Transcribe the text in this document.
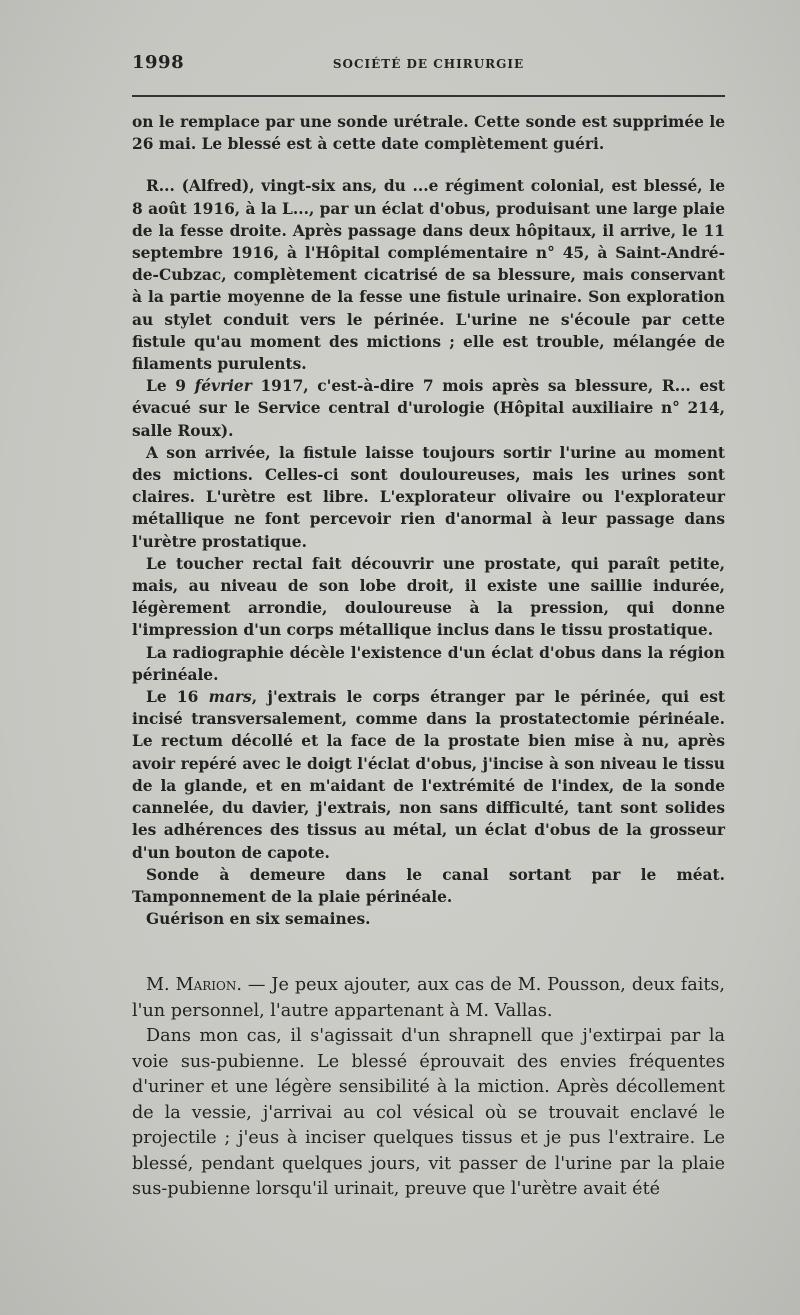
1998	SOCIÉTÉ DE CHIRURGIE

on le remplace par une sonde urétrale. Cette sonde est supprimée le 26 mai. Le blessé est à cette date complètement guéri.

R... (Alfred), vingt-six ans, du ...e régiment colonial, est blessé, le 8 août 1916, à la L..., par un éclat d'obus, produisant une large plaie de la fesse droite. Après passage dans deux hôpitaux, il arrive, le 11 septembre 1916, à l'Hôpital complémentaire n° 45, à Saint-André-de-Cubzac, complètement cicatrisé de sa blessure, mais conservant à la partie moyenne de la fesse une fistule urinaire. Son exploration au stylet conduit vers le périnée. L'urine ne s'écoule par cette fistule qu'au moment des mictions ; elle est trouble, mélangée de filaments purulents.

Le 9 février 1917, c'est-à-dire 7 mois après sa blessure, R... est évacué sur le Service central d'urologie (Hôpital auxiliaire n° 214, salle Roux).

A son arrivée, la fistule laisse toujours sortir l'urine au moment des mictions. Celles-ci sont douloureuses, mais les urines sont claires. L'urètre est libre. L'explorateur olivaire ou l'explorateur métallique ne font percevoir rien d'anormal à leur passage dans l'urètre prostatique.

Le toucher rectal fait découvrir une prostate, qui paraît petite, mais, au niveau de son lobe droit, il existe une saillie indurée, légèrement arrondie, douloureuse à la pression, qui donne l'impression d'un corps métallique inclus dans le tissu prostatique.

La radiographie décèle l'existence d'un éclat d'obus dans la région périnéale.

Le 16 mars, j'extrais le corps étranger par le périnée, qui est incisé transversalement, comme dans la prostatectomie périnéale. Le rectum décollé et la face de la prostate bien mise à nu, après avoir repéré avec le doigt l'éclat d'obus, j'incise à son niveau le tissu de la glande, et en m'aidant de l'extrémité de l'index, de la sonde cannelée, du davier, j'extrais, non sans difficulté, tant sont solides les adhérences des tissus au métal, un éclat d'obus de la grosseur d'un bouton de capote.

Sonde à demeure dans le canal sortant par le méat. Tamponnement de la plaie périnéale.

Guérison en six semaines.

M. Marion. — Je peux ajouter, aux cas de M. Pousson, deux faits, l'un personnel, l'autre appartenant à M. Vallas.

Dans mon cas, il s'agissait d'un shrapnell que j'extirpai par la voie sus-pubienne. Le blessé éprouvait des envies fréquentes d'uriner et une légère sensibilité à la miction. Après décollement de la vessie, j'arrivai au col vésical où se trouvait enclavé le projectile ; j'eus à inciser quelques tissus et je pus l'extraire. Le blessé, pendant quelques jours, vit passer de l'urine par la plaie sus-pubienne lorsqu'il urinait, preuve que l'urètre avait été
